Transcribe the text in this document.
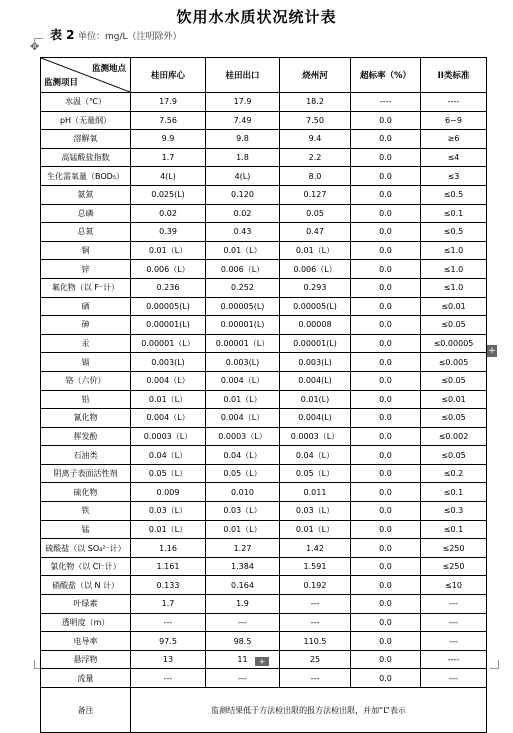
饮用水水质状况统计表
表 2 单位：mg/L（注明除外）
✥
监测地点
监测项目	桂田库心	桂田出口	烧州河	超标率（%）	II类标准
水温（℃）	17.9	17.9	18.2	----	----
pH（无量纲）	7.56	7.49	7.50	0.0	6~9
溶解氧	9.9	9.8	9.4	0.0	≥6
高锰酸盐指数	1.7	1.8	2.2	0.0	≤4
生化需氧量（BOD₅）	4(L)	4(L)	8.0	0.0	≤3
氨氮	0.025(L)	0.120	0.127	0.0	≤0.5
总磷	0.02	0.02	0.05	0.0	≤0.1
总氮	0.39	0.43	0.47	0.0	≤0.5
铜	0.01（L）	0.01（L）	0.01（L）	0.0	≤1.0
锌	0.006（L）	0.006（L）	0.006（L）	0.0	≤1.0
氟化物（以 F⁻计）	0.236	0.252	0.293	0.0	≤1.0
硒	0.00005(L)	0.00005(L)	0.00005(L)	0.0	≤0.01
砷	0.00001(L)	0.00001(L)	0.00008	0.0	≤0.05
汞	0.00001（L）	0.00001（L）	0.00001(L)	0.0	≤0.00005
镉	0.003(L)	0.003(L)	0.003(L)	0.0	≤0.005
铬（六价）	0.004（L）	0.004（L）	0.004(L)	0.0	≤0.05
铅	0.01（L）	0.01（L）	0.01(L)	0.0	≤0.01
氰化物	0.004（L）	0.004（L）	0.004(L)	0.0	≤0.05
挥发酚	0.0003（L）	0.0003（L）	0.0003（L）	0.0	≤0.002
石油类	0.04（L）	0.04（L）	0.04（L）	0.0	≤0.05
阴离子表面活性剂	0.05（L）	0.05（L）	0.05（L）	0.0	≤0.2
硫化物	0.009	0.010	0.011	0.0	≤0.1
铁	0.03（L）	0.03（L）	0.03（L）	0.0	≤0.3
锰	0.01（L）	0.01（L）	0.01（L）	0.0	≤0.1
硫酸盐（以 SO₄²⁻计）	1.16	1.27	1.42	0.0	≤250
氯化物（以 Cl⁻计）	1.161	1.384	1.591	0.0	≤250
硝酸盐（以 N 计）	0.133	0.164	0.192	0.0	≤10
叶绿素	1.7	1.9	---	0.0	---
透明度（m）	---	---	---	0.0	---
电导率	97.5	98.5	110.5	0.0	---
悬浮物	13	11	25	0.0	----
流量	---	---	---	0.0	---
备注	监测结果低于方法检出限的报方法检出限，并加“L”表示				
+
+
